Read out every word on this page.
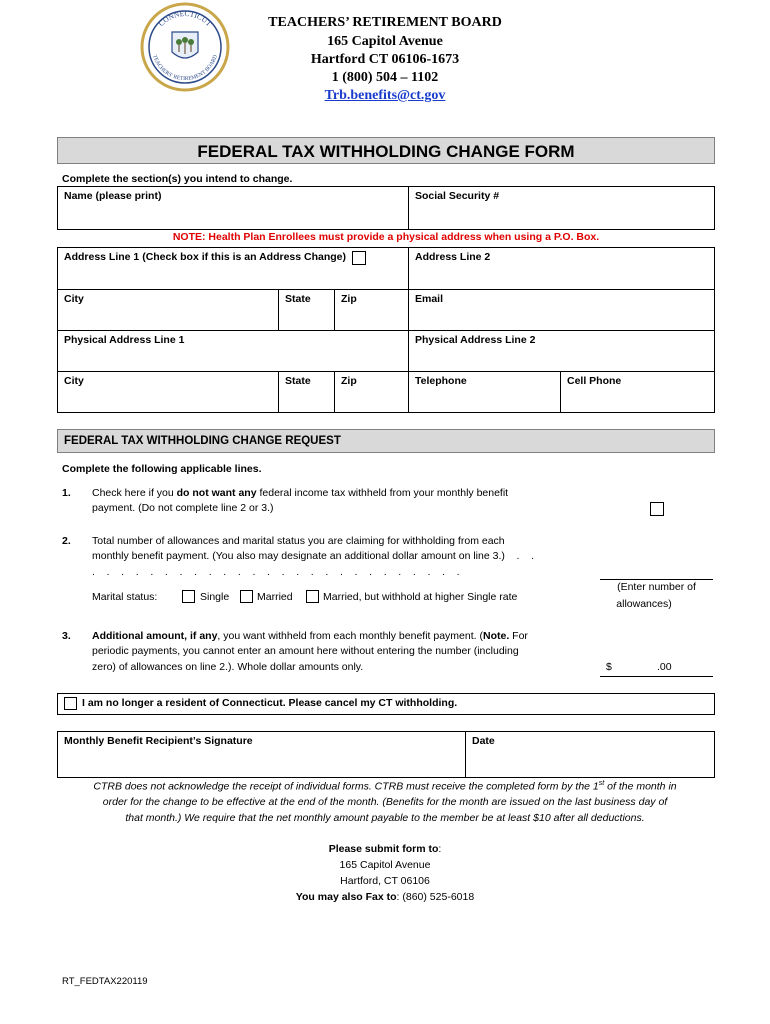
CONNECTICUT
TEACHERS' RETIREMENT BOARD
TEACHERS’ RETIREMENT BOARD
165 Capitol Avenue
Hartford CT 06106-1673
1 (800) 504 – 1102
Trb.benefits@ct.gov
FEDERAL TAX WITHHOLDING CHANGE FORM
Complete the section(s) you intend to change.
Name (please print)	Social Security #
NOTE: Health Plan Enrollees must provide a physical address when using a P.O. Box.
Address Line 1 (Check box if this is an Address Change)	Address Line 2
City	State	Zip	Email
Physical Address Line 1	Physical Address Line 2
City	State	Zip	Telephone	Cell Phone
FEDERAL TAX WITHHOLDING CHANGE REQUEST
Complete the following applicable lines.
1. Check here if you do not want any federal income tax withheld from your monthly benefit
payment. (Do not complete line 2 or 3.)
2. Total number of allowances and marital status you are claiming for withholding from each
monthly benefit payment. (You also may designate an additional dollar amount on line 3.)    .    .
.    .    .    .    .    .    .    .    .    .    .    .    .    .    .    .    .    .    .    .    .    .    .    .    .    .
(Enter number of
allowances)
Marital status:	Single	Married	Married, but withhold at higher Single rate
3. Additional amount, if any, you want withheld from each monthly benefit payment. (Note. For
periodic payments, you cannot enter an amount here without entering the number (including
zero) of allowances on line 2.). Whole dollar amounts only.	$	.00
I am no longer a resident of Connecticut. Please cancel my CT withholding.
Monthly Benefit Recipient’s Signature	Date
CTRB does not acknowledge the receipt of individual forms. CTRB must receive the completed form by the 1st of the month in
order for the change to be effective at the end of the month. (Benefits for the month are issued on the last business day of
that month.) We require that the net monthly amount payable to the member be at least $10 after all deductions.
Please submit form to:
165 Capitol Avenue
Hartford, CT 06106
You may also Fax to: (860) 525-6018
RT_FEDTAX220119
